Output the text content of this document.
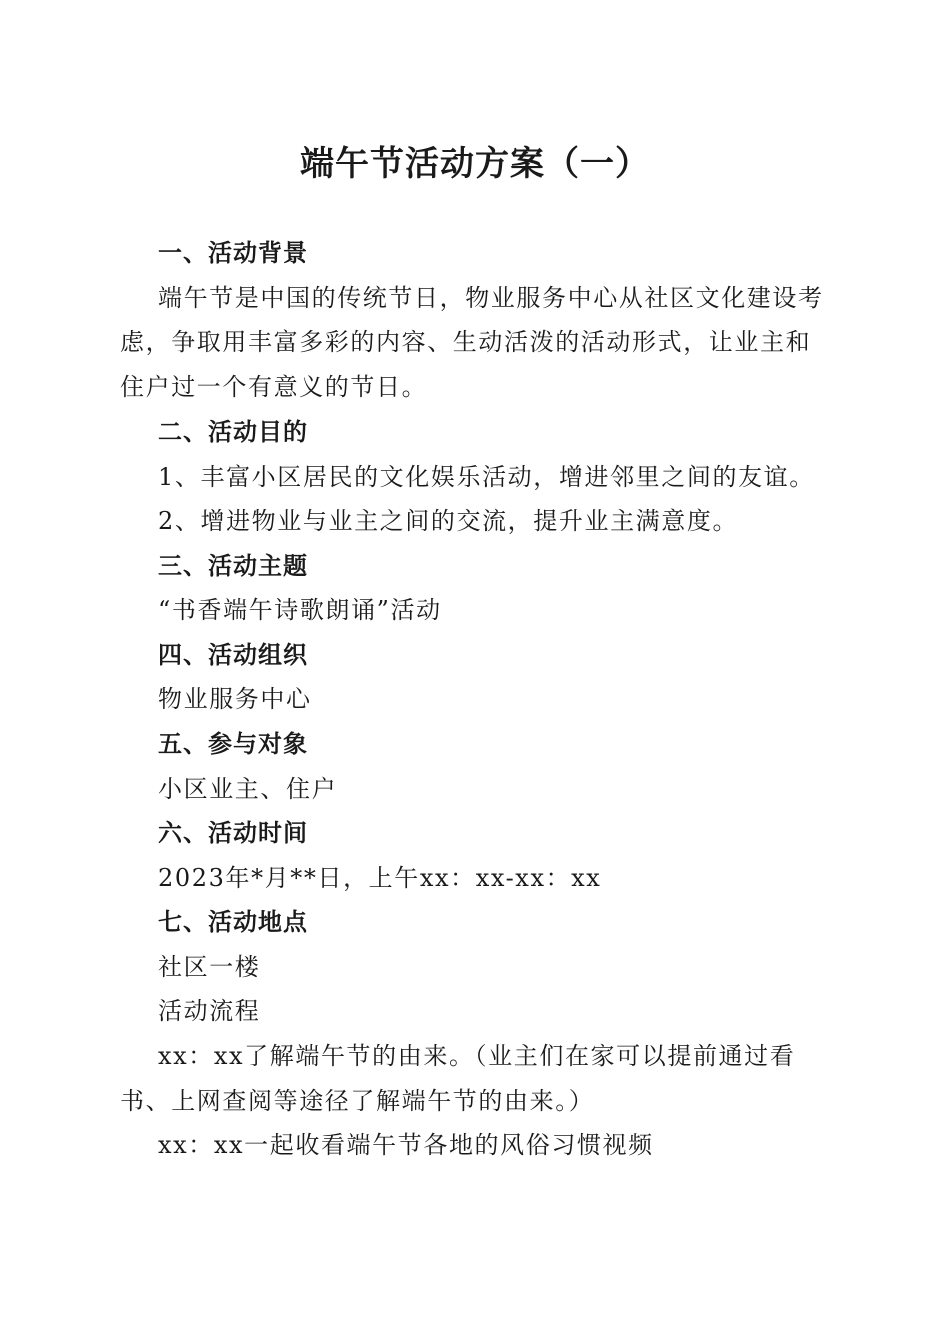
端午节活动方案（一）
一、活动背景
端午节是中国的传统节日，物业服务中心从社区文化建设考
虑，争取用丰富多彩的内容、生动活泼的活动形式，让业主和
住户过一个有意义的节日。
二、活动目的
1、丰富小区居民的文化娱乐活动，增进邻里之间的友谊。
2、增进物业与业主之间的交流，提升业主满意度。
三、活动主题
“书香端午诗歌朗诵”活动
四、活动组织
物业服务中心
五、参与对象
小区业主、住户
六、活动时间
2023年*月**日，上午xx：xx-xx：xx
七、活动地点
社区一楼
活动流程
xx：xx了解端午节的由来。（业主们在家可以提前通过看
书、上网查阅等途径了解端午节的由来。）
xx：xx一起收看端午节各地的风俗习惯视频
